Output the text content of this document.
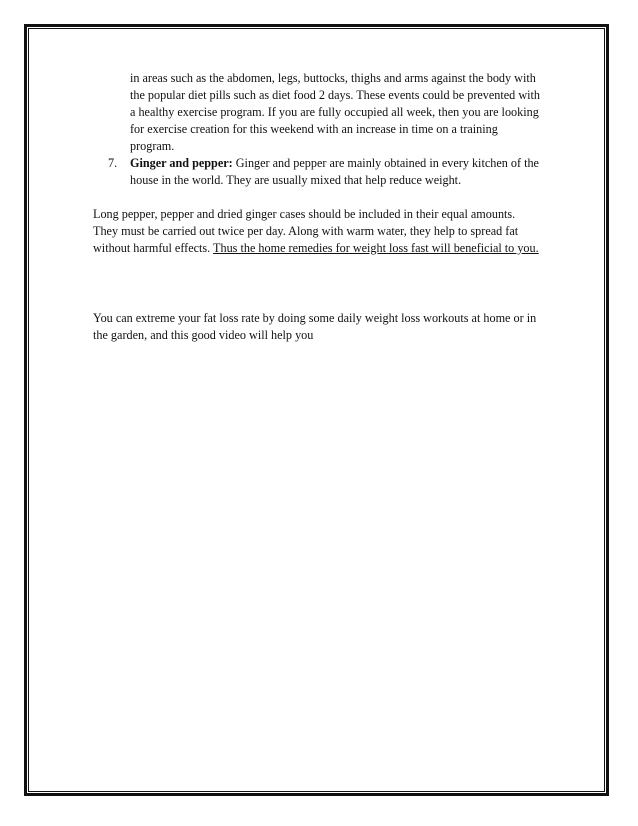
in areas such as the abdomen, legs, buttocks, thighs and arms against the body with the popular diet pills such as diet food 2 days. These events could be prevented with a healthy exercise program. If you are fully occupied all week, then you are looking for exercise creation for this weekend with an increase in time on a training program.

7. Ginger and pepper: Ginger and pepper are mainly obtained in every kitchen of the house in the world. They are usually mixed that help reduce weight.

Long pepper, pepper and dried ginger cases should be included in their equal amounts. They must be carried out twice per day. Along with warm water, they help to spread fat without harmful effects. Thus the home remedies for weight loss fast will beneficial to you.

You can extreme your fat loss rate by doing some daily weight loss workouts at home or in the garden, and this good video will help you
